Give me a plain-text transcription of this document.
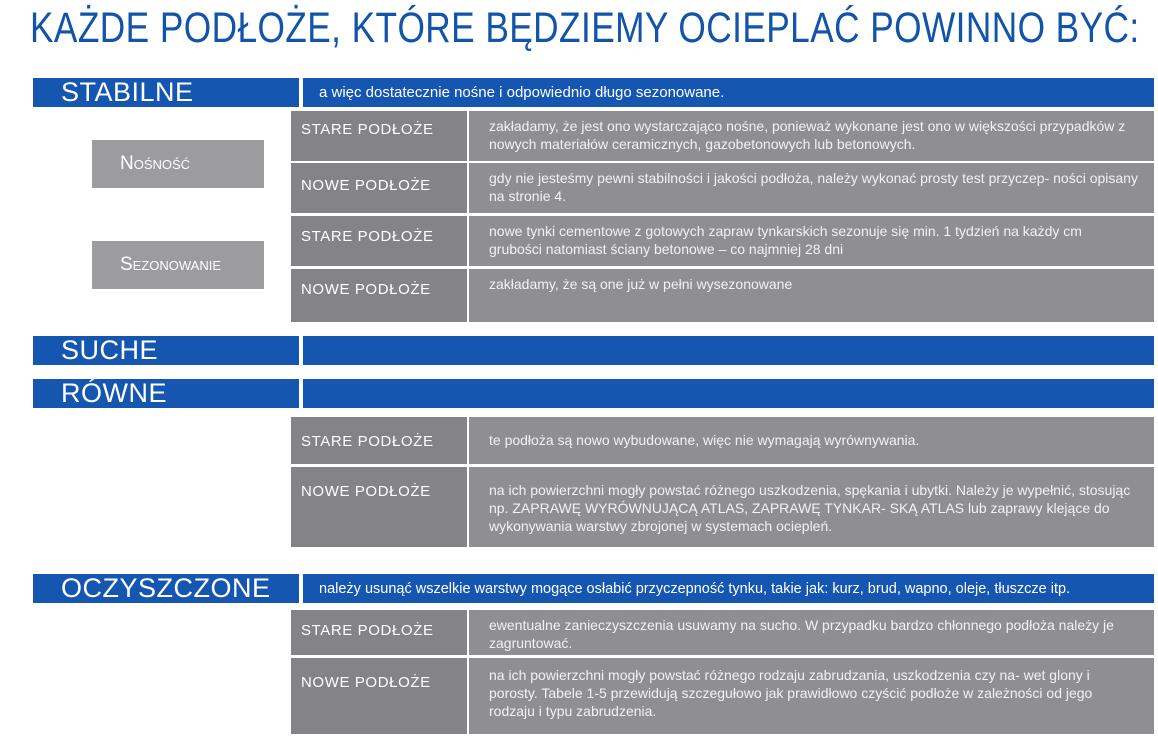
KAŻDE PODŁOŻE, KTÓRE BĘDZIEMY OCIEPLAĆ POWINNO BYĆ:
STABILNE	a więc dostatecznie nośne i odpowiednio długo sezonowane.
Nośność
Sezonowanie
STARE PODŁOŻE	zakładamy, że jest ono wystarczająco nośne, ponieważ wykonane jest ono w większości przypadków z nowych materiałów ceramicznych, gazobetonowych lub betonowych.
NOWE PODŁOŻE	gdy nie jesteśmy pewni stabilności i jakości podłoża, należy wykonać prosty test przyczep- ności opisany na stronie 4.
STARE PODŁOŻE	nowe tynki cementowe z gotowych zapraw tynkarskich sezonuje się min. 1 tydzień na każdy cm grubości natomiast ściany betonowe – co najmniej 28 dni
NOWE PODŁOŻE	zakładamy, że są one już w pełni wysezonowane
SUCHE
RÓWNE
STARE PODŁOŻE	te podłoża są nowo wybudowane, więc nie wymagają wyrównywania.
NOWE PODŁOŻE	na ich powierzchni mogły powstać różnego uszkodzenia, spękania i ubytki. Należy je wypełnić, stosując np. ZAPRAWĘ WYRÓWNUJĄCĄ ATLAS, ZAPRAWĘ TYNKAR- SKĄ ATLAS lub zaprawy klejące do wykonywania warstwy zbrojonej w systemach ociepleń.
OCZYSZCZONE	należy usunąć wszelkie warstwy mogące osłabić przyczepność tynku, takie jak: kurz, brud, wapno, oleje, tłuszcze itp.
STARE PODŁOŻE	ewentualne zanieczyszczenia usuwamy na sucho. W przypadku bardzo chłonnego podłoża należy je zagruntować.
NOWE PODŁOŻE	na ich powierzchni mogły powstać różnego rodzaju zabrudzania, uszkodzenia czy na- wet glony i porosty. Tabele 1-5 przewidują szczegułowo jak prawidłowo czyścić podłoże w zależności od jego rodzaju i typu zabrudzenia.
